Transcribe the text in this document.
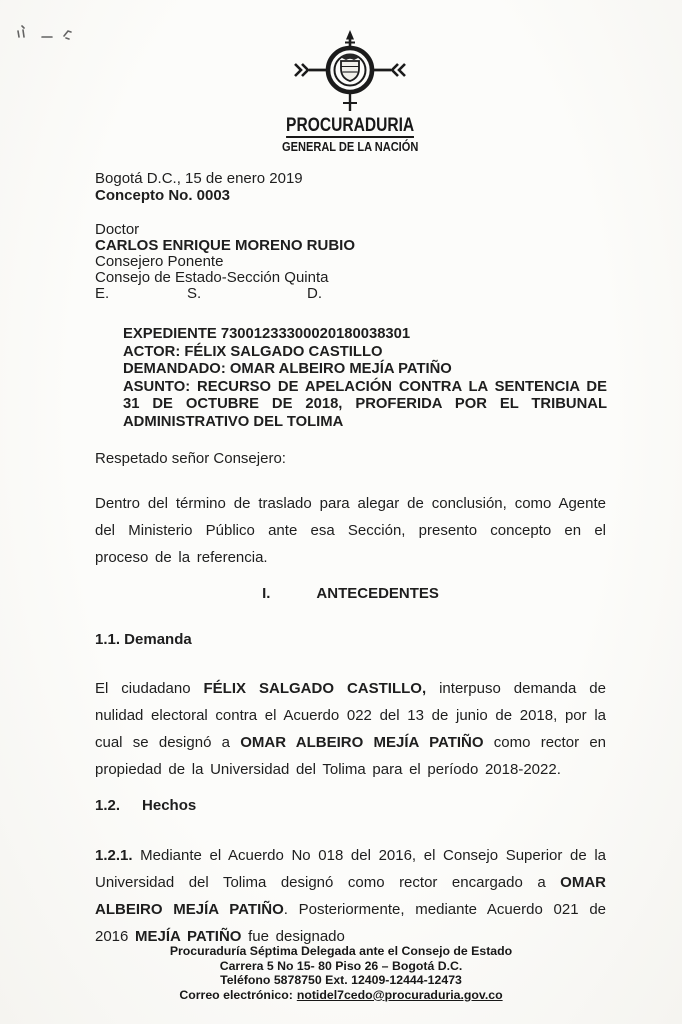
PROCURADURIA
GENERAL DE LA NACIÓN
Bogotá D.C., 15 de enero 2019
Concepto No. 0003
Doctor
CARLOS ENRIQUE MORENO RUBIO
Consejero Ponente
Consejo de Estado-Sección Quinta
E.	S.	D.
EXPEDIENTE 73001233300020180038301
ACTOR: FÉLIX SALGADO CASTILLO
DEMANDADO: OMAR ALBEIRO MEJÍA PATIÑO
ASUNTO: RECURSO DE APELACIÓN CONTRA LA SENTENCIA DE 31 DE OCTUBRE DE 2018, PROFERIDA POR EL TRIBUNAL ADMINISTRATIVO DEL TOLIMA
Respetado señor Consejero:
Dentro del término de traslado para alegar de conclusión, como Agente del Ministerio Público ante esa Sección, presento concepto en el proceso de la referencia.
I.	ANTECEDENTES
1.1. Demanda
El ciudadano FÉLIX SALGADO CASTILLO, interpuso demanda de nulidad electoral contra el Acuerdo 022 del 13 de junio de 2018, por la cual se designó a OMAR ALBEIRO MEJÍA PATIÑO como rector en propiedad de la Universidad del Tolima para el período 2018-2022.
1.2. Hechos
1.2.1. Mediante el Acuerdo No 018 del 2016, el Consejo Superior de la Universidad del Tolima designó como rector encargado a OMAR ALBEIRO MEJÍA PATIÑO. Posteriormente, mediante Acuerdo 021 de 2016 MEJÍA PATIÑO fue designado
Procuraduría Séptima Delegada ante el Consejo de Estado
Carrera 5 No 15- 80 Piso 26 – Bogotá D.C.
Teléfono 5878750 Ext. 12409-12444-12473
Correo electrónico: notidel7cedo@procuraduria.gov.co
